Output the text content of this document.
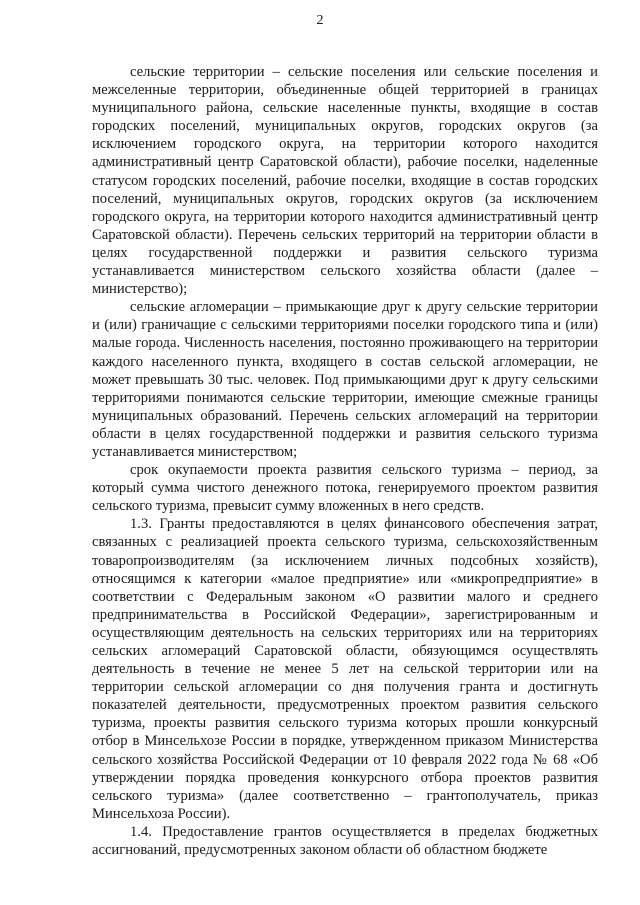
2

сельские территории – сельские поселения или сельские поселения и межселенные территории, объединенные общей территорией в границах муниципального района, сельские населенные пункты, входящие в состав городских поселений, муниципальных округов, городских округов (за исключением городского округа, на территории которого находится административный центр Саратовской области), рабочие поселки, наделенные статусом городских поселений, рабочие поселки, входящие в состав городских поселений, муниципальных округов, городских округов (за исключением городского округа, на территории которого находится административный центр Саратовской области). Перечень сельских территорий на территории области в целях государственной поддержки и развития сельского туризма устанавливается министерством сельского хозяйства области (далее – министерство);

сельские агломерации – примыкающие друг к другу сельские территории и (или) граничащие с сельскими территориями поселки городского типа и (или) малые города. Численность населения, постоянно проживающего на территории каждого населенного пункта, входящего в состав сельской агломерации, не может превышать 30 тыс. человек. Под примыкающими друг к другу сельскими территориями понимаются сельские территории, имеющие смежные границы муниципальных образований. Перечень сельских агломераций на территории области в целях государственной поддержки и развития сельского туризма устанавливается министерством;

срок окупаемости проекта развития сельского туризма – период, за который сумма чистого денежного потока, генерируемого проектом развития сельского туризма, превысит сумму вложенных в него средств.

1.3. Гранты предоставляются в целях финансового обеспечения затрат, связанных с реализацией проекта сельского туризма, сельскохозяйственным товаропроизводителям (за исключением личных подсобных хозяйств), относящимся к категории «малое предприятие» или «микропредприятие» в соответствии с Федеральным законом «О развитии малого и среднего предпринимательства в Российской Федерации», зарегистрированным и осуществляющим деятельность на сельских территориях или на территориях сельских агломераций Саратовской области, обязующимся осуществлять деятельность в течение не менее 5 лет на сельской территории или на территории сельской агломерации со дня получения гранта и достигнуть показателей деятельности, предусмотренных проектом развития сельского туризма, проекты развития сельского туризма которых прошли конкурсный отбор в Минсельхозе России в порядке, утвержденном приказом Министерства сельского хозяйства Российской Федерации от 10 февраля 2022 года № 68 «Об утверждении порядка проведения конкурсного отбора проектов развития сельского туризма» (далее соответственно – грантополучатель, приказ Минсельхоза России).

1.4. Предоставление грантов осуществляется в пределах бюджетных ассигнований, предусмотренных законом области об областном бюджете
